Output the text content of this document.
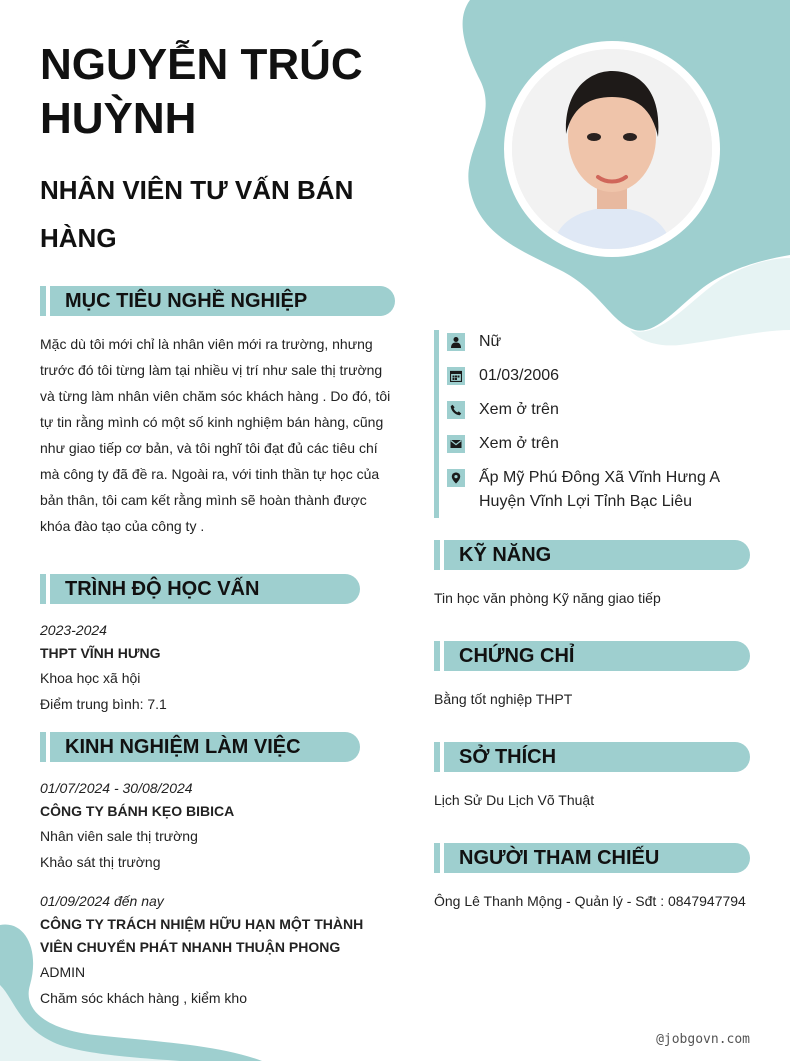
NGUYỄN TRÚC HUỲNH
NHÂN VIÊN TƯ VẤN BÁN HÀNG
MỤC TIÊU NGHỀ NGHIỆP
Mặc dù tôi mới chỉ là nhân viên mới ra trường, nhưng trước đó tôi từng làm tại nhiều vị trí như sale thị trường và từng làm nhân viên chăm sóc khách hàng . Do đó, tôi tự tin rằng mình có một số kinh nghiệm bán hàng, cũng như giao tiếp cơ bản, và tôi nghĩ tôi đạt đủ các tiêu chí mà công ty đã đề ra. Ngoài ra, với tinh thần tự học của bản thân, tôi cam kết rằng mình sẽ hoàn thành được khóa đào tạo của công ty .
TRÌNH ĐỘ HỌC VẤN
2023-2024
THPT VĨNH HƯNG
Khoa học xã hội
Điểm trung bình: 7.1
KINH NGHIỆM LÀM VIỆC
01/07/2024 - 30/08/2024
CÔNG TY BÁNH KẸO BIBICA
Nhân viên sale thị trường
Khảo sát thị trường
01/09/2024 đến nay
CÔNG TY TRÁCH NHIỆM HỮU HẠN MỘT THÀNH VIÊN CHUYỂN PHÁT NHANH THUẬN PHONG
ADMIN
Chăm sóc khách hàng , kiểm kho
Nữ
01/03/2006
Xem ở trên
Xem ở trên
Ấp Mỹ Phú Đông Xã Vĩnh Hưng A Huyện Vĩnh Lợi Tỉnh Bạc Liêu
KỸ NĂNG
Tin học văn phòng Kỹ năng giao tiếp
CHỨNG CHỈ
Bằng tốt nghiệp THPT
SỞ THÍCH
Lịch Sử Du Lịch Võ Thuật
NGƯỜI THAM CHIẾU
Ông Lê Thanh Mộng - Quản lý - Sđt : 0847947794
@jobgovn.com
